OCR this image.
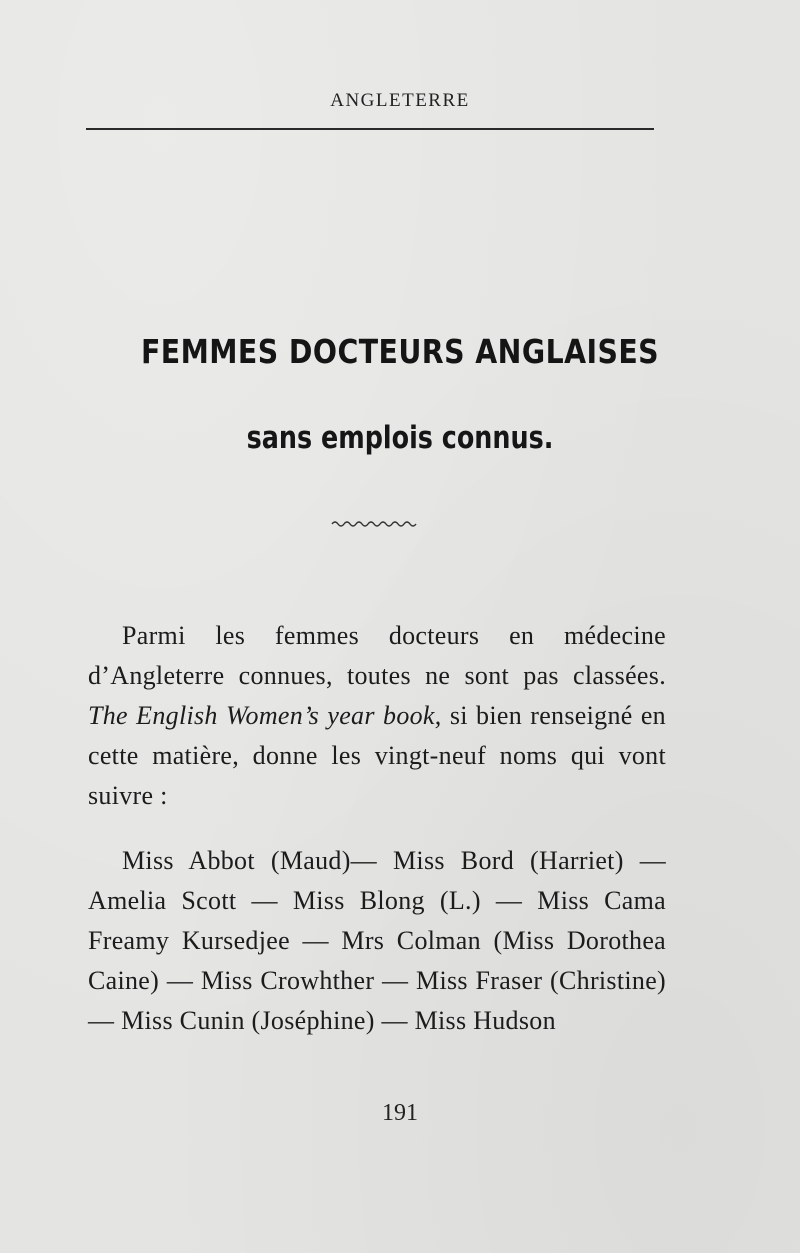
ANGLETERRE
FEMMES DOCTEURS ANGLAISES
sans emplois connus.

Parmi les femmes docteurs en médecine d’Angleterre connues, toutes ne sont pas classées. The English Women’s year book, si bien renseigné en cette matière, donne les vingt-neuf noms qui vont suivre :

Miss Abbot (Maud)— Miss Bord (Harriet) — Amelia Scott — Miss Blong (L.) — Miss Cama Freamy Kursedjee — Mrs Colman (Miss Dorothea Caine) — Miss Crowhther — Miss Fraser (Christine) — Miss Cunin (Joséphine) — Miss Hudson

191
